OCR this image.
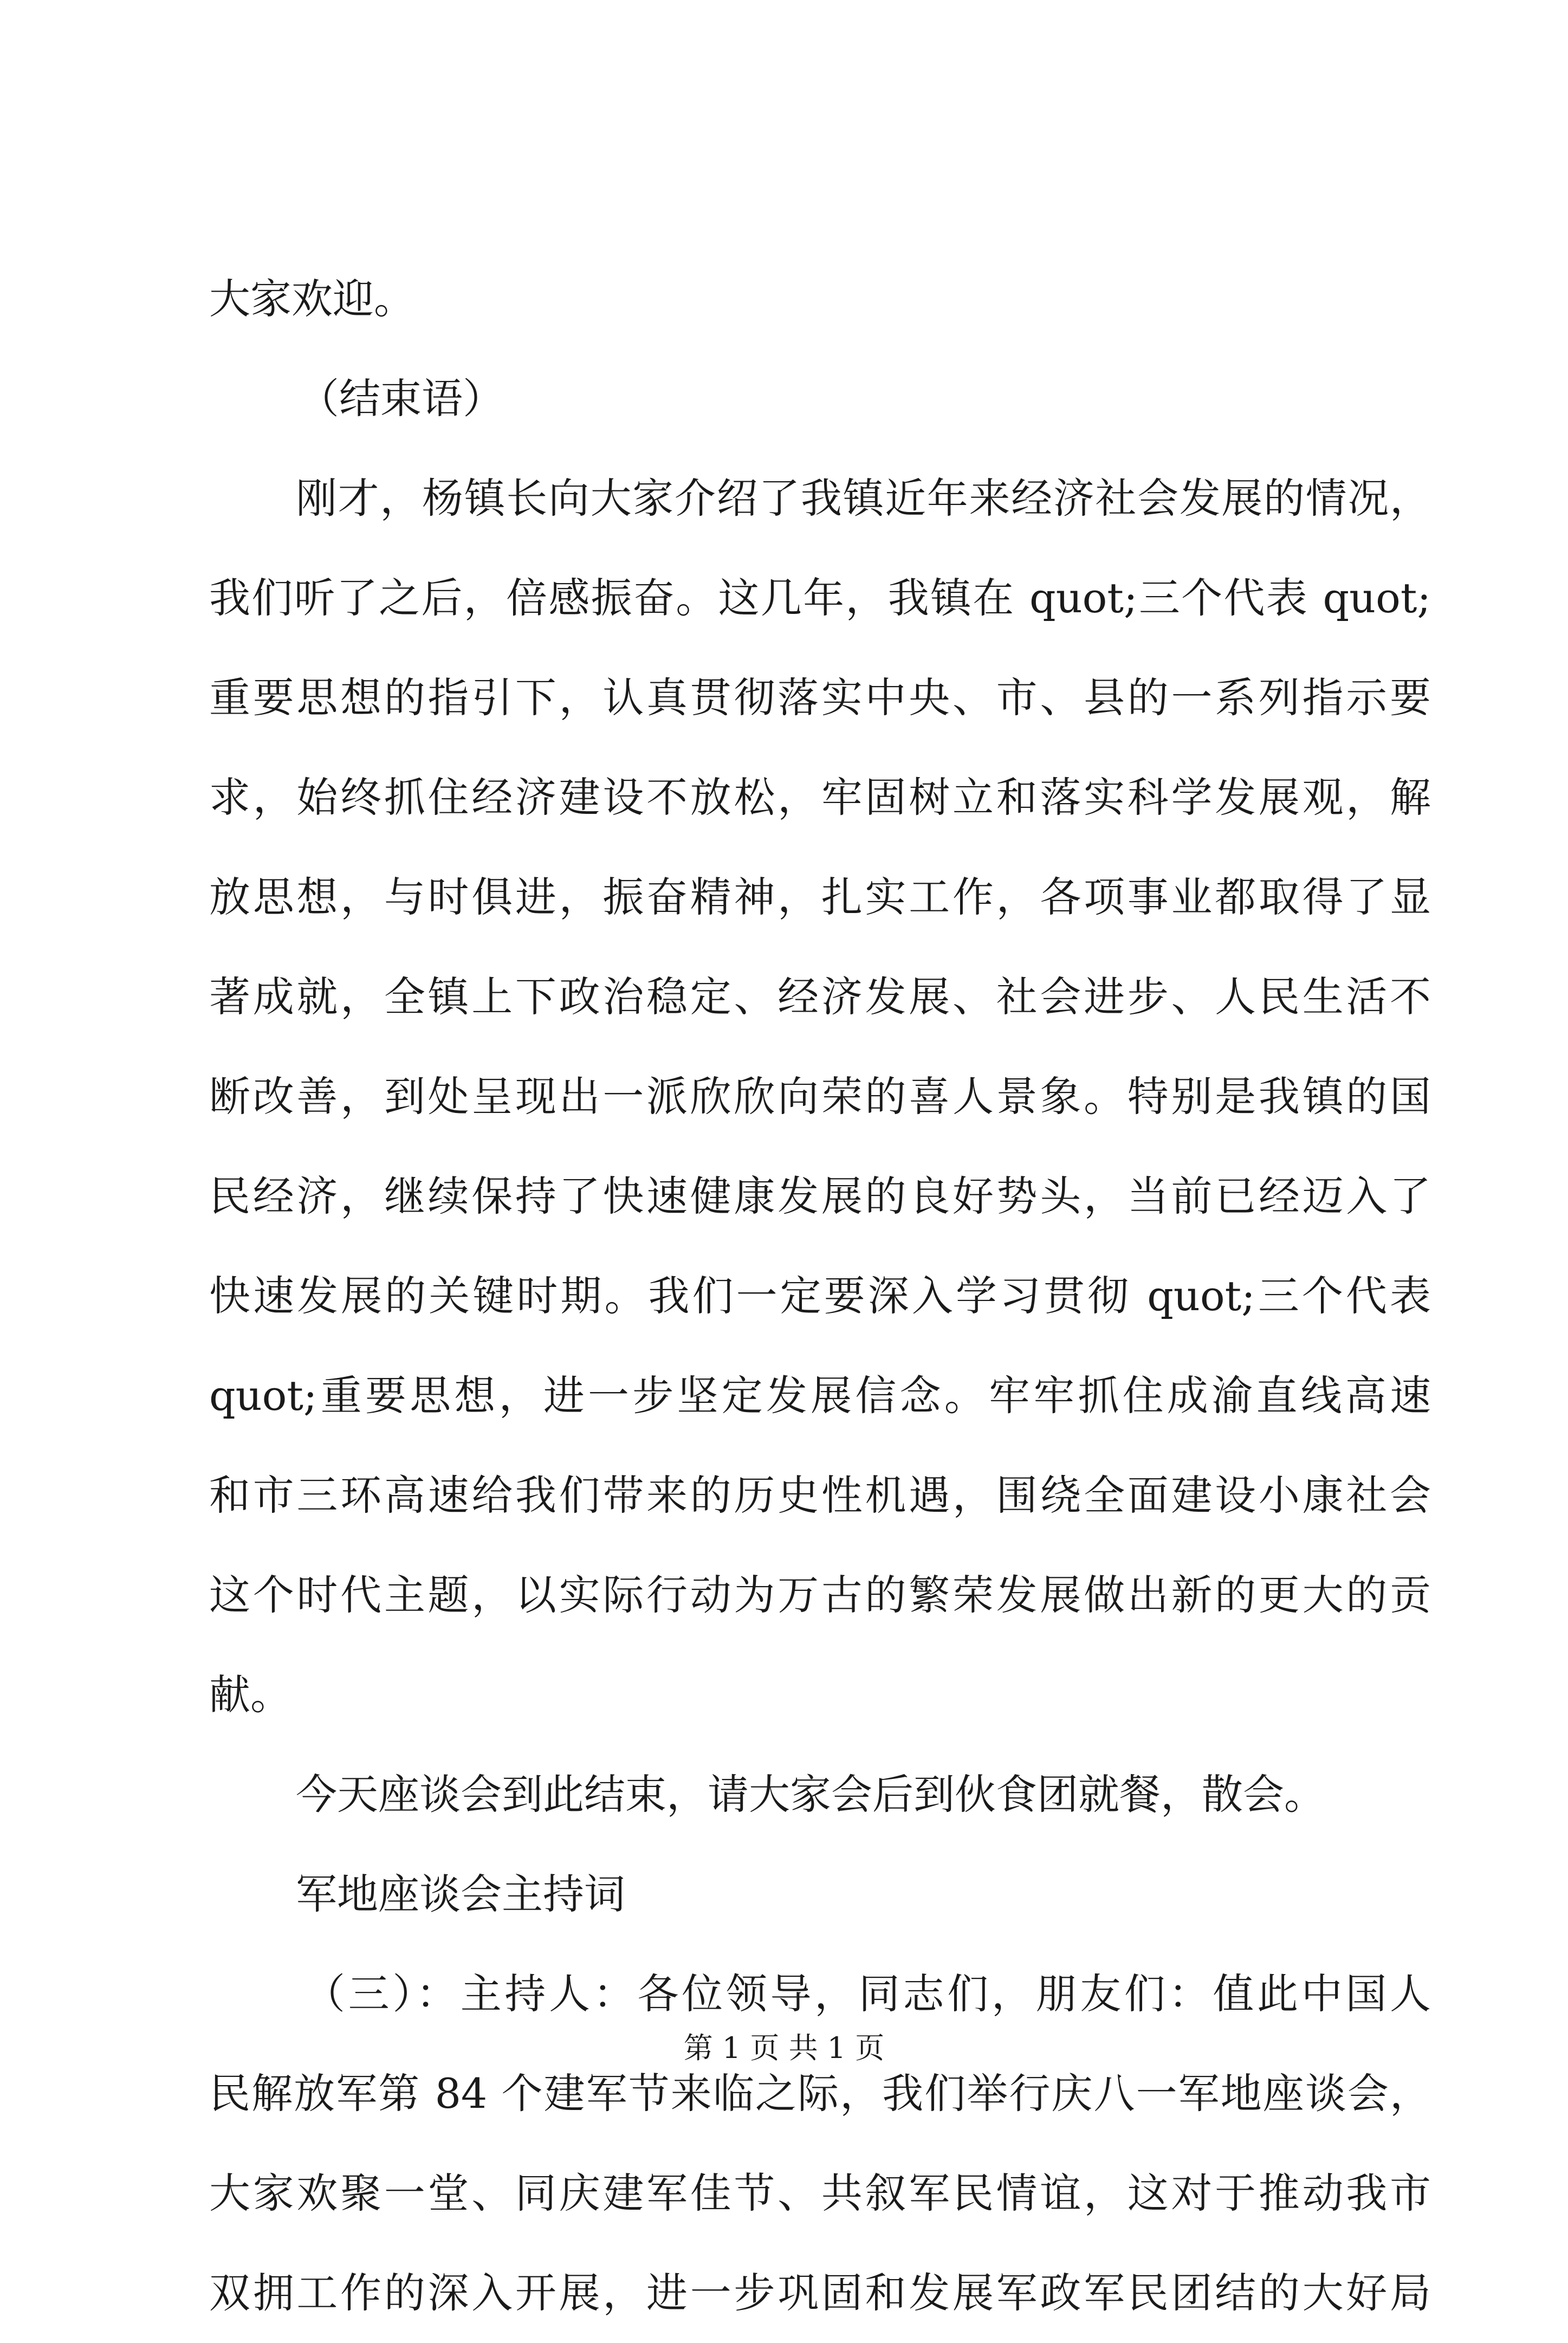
大家欢迎。
（结束语）
刚才，杨镇长向大家介绍了我镇近年来经济社会发展的情况，
我们听了之后，倍感振奋。这几年，我镇在 quot;三个代表 quot;
重要思想的指引下，认真贯彻落实中央、市、县的一系列指示要
求，始终抓住经济建设不放松，牢固树立和落实科学发展观，解
放思想，与时俱进，振奋精神，扎实工作，各项事业都取得了显
著成就，全镇上下政治稳定、经济发展、社会进步、人民生活不
断改善，到处呈现出一派欣欣向荣的喜人景象。特别是我镇的国
民经济，继续保持了快速健康发展的良好势头，当前已经迈入了
快速发展的关键时期。我们一定要深入学习贯彻 quot;三个代表
quot;重要思想，进一步坚定发展信念。牢牢抓住成渝直线高速
和市三环高速给我们带来的历史性机遇，围绕全面建设小康社会
这个时代主题，以实际行动为万古的繁荣发展做出新的更大的贡
献。
今天座谈会到此结束，请大家会后到伙食团就餐，散会。
军地座谈会主持词
（三）：主持人：各位领导，同志们，朋友们：值此中国人
民解放军第 84 个建军节来临之际，我们举行庆八一军地座谈会，
大家欢聚一堂、同庆建军佳节、共叙军民情谊，这对于推动我市
双拥工作的深入开展，进一步巩固和发展军政军民团结的大好局
第 1 页 共 1 页
